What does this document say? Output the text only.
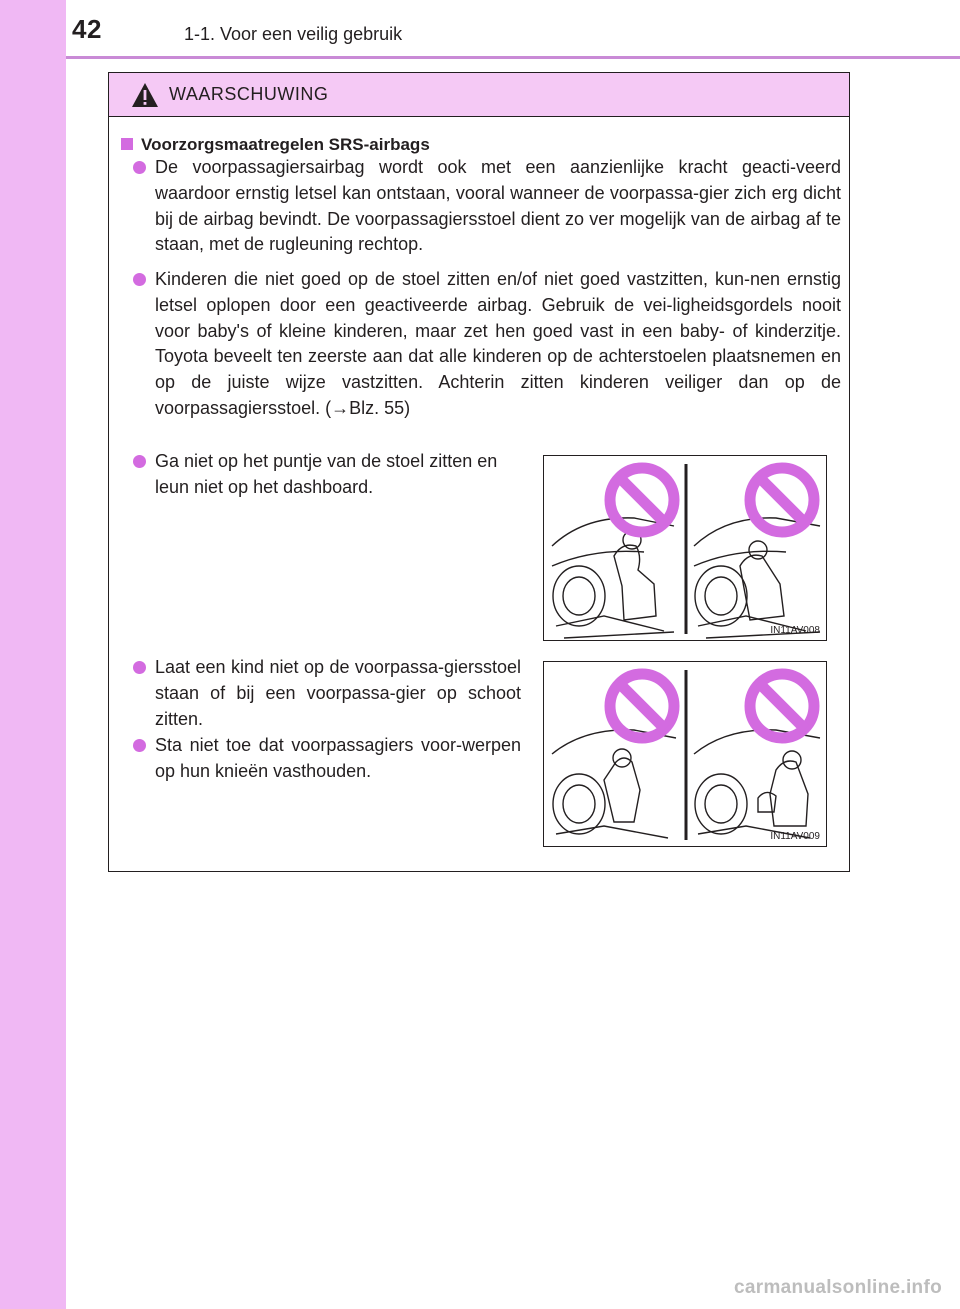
42	1-1. Voor een veilig gebruik
WAARSCHUWING
Voorzorgsmaatregelen SRS-airbags
De voorpassagiersairbag wordt ook met een aanzienlijke kracht geacti-veerd waardoor ernstig letsel kan ontstaan, vooral wanneer de voorpassa-gier zich erg dicht bij de airbag bevindt. De voorpassagiersstoel dient zo ver mogelijk van de airbag af te staan, met de rugleuning rechtop.
Kinderen die niet goed op de stoel zitten en/of niet goed vastzitten, kun-nen ernstig letsel oplopen door een geactiveerde airbag. Gebruik de vei-ligheidsgordels nooit voor baby's of kleine kinderen, maar zet hen goed vast in een baby- of kinderzitje. Toyota beveelt ten zeerste aan dat alle kinderen op de achterstoelen plaatsnemen en op de juiste wijze vastzitten. Achterin zitten kinderen veiliger dan op de voorpassagiersstoel. (→Blz. 55)
Ga niet op het puntje van de stoel zitten en leun niet op het dashboard.
Laat een kind niet op de voorpassa-giersstoel staan of bij een voorpassa-gier op schoot zitten.
Sta niet toe dat voorpassagiers voor-werpen op hun knieën vasthouden.
IN11AV008
IN11AV009
carmanualsonline.info
